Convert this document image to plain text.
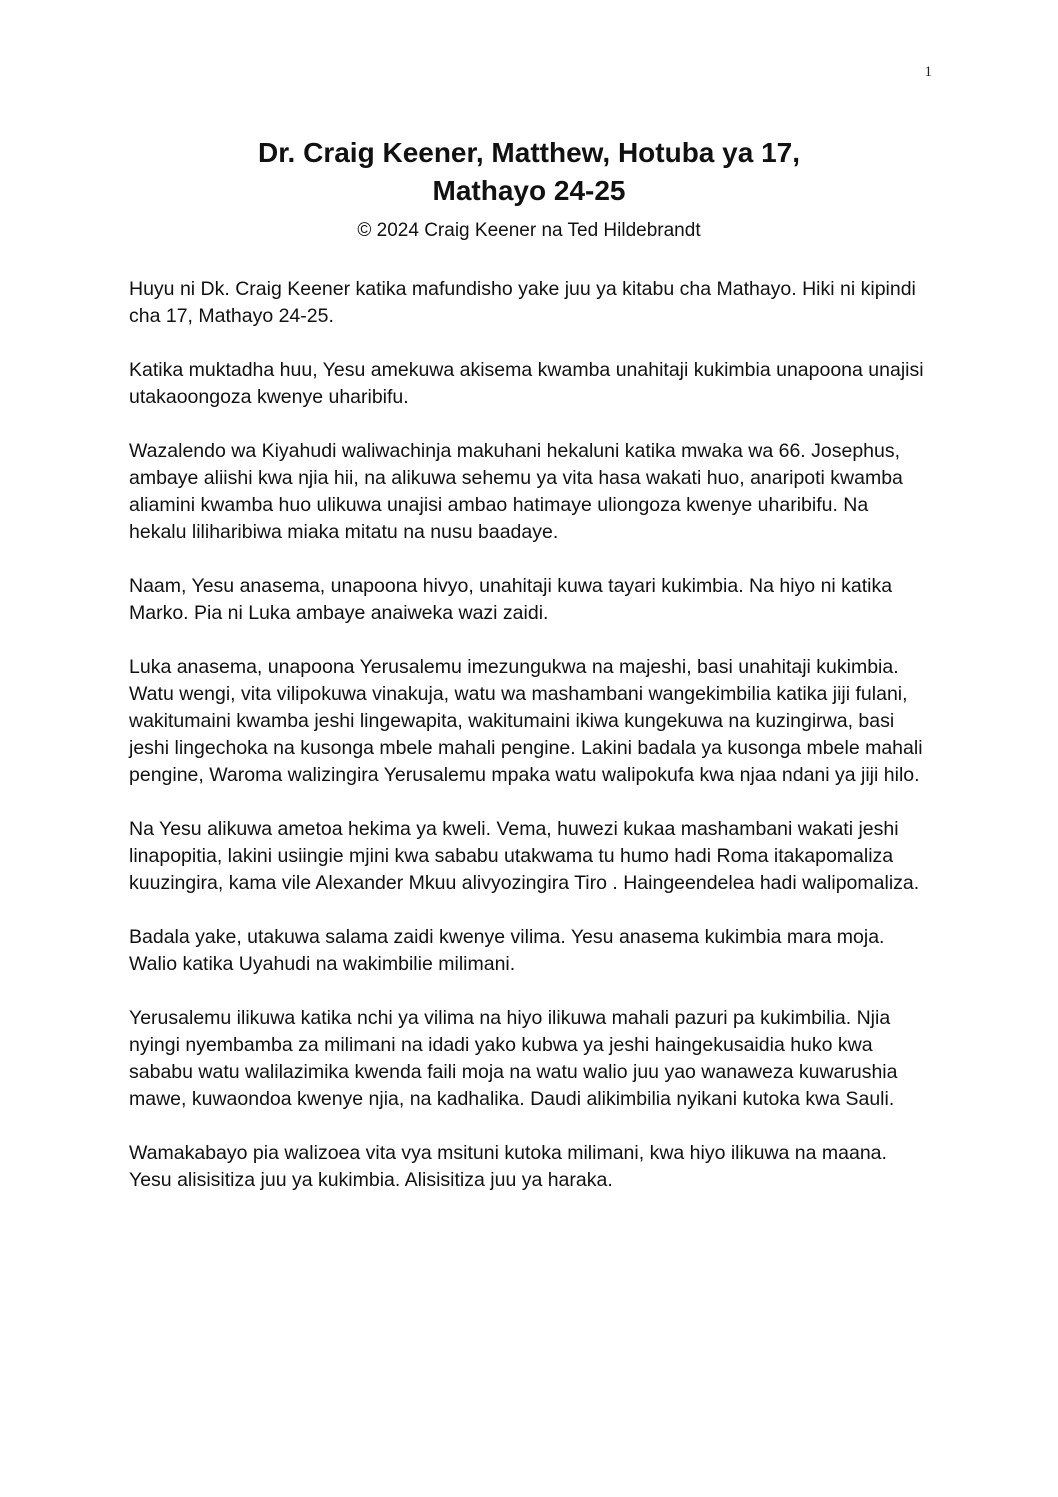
1
Dr. Craig Keener, Matthew, Hotuba ya 17,
Mathayo 24-25
© 2024 Craig Keener na Ted Hildebrandt

Huyu ni Dk. Craig Keener katika mafundisho yake juu ya kitabu cha Mathayo. Hiki ni kipindi cha 17, Mathayo 24-25.

Katika muktadha huu, Yesu amekuwa akisema kwamba unahitaji kukimbia unapoona unajisi utakaoongoza kwenye uharibifu.

Wazalendo wa Kiyahudi waliwachinja makuhani hekaluni katika mwaka wa 66. Josephus, ambaye aliishi kwa njia hii, na alikuwa sehemu ya vita hasa wakati huo, anaripoti kwamba aliamini kwamba huo ulikuwa unajisi ambao hatimaye uliongoza kwenye uharibifu. Na hekalu liliharibiwa miaka mitatu na nusu baadaye.

Naam, Yesu anasema, unapoona hivyo, unahitaji kuwa tayari kukimbia. Na hiyo ni katika Marko. Pia ni Luka ambaye anaiweka wazi zaidi.

Luka anasema, unapoona Yerusalemu imezungukwa na majeshi, basi unahitaji kukimbia. Watu wengi, vita vilipokuwa vinakuja, watu wa mashambani wangekimbilia katika jiji fulani, wakitumaini kwamba jeshi lingewapita, wakitumaini ikiwa kungekuwa na kuzingirwa, basi jeshi lingechoka na kusonga mbele mahali pengine. Lakini badala ya kusonga mbele mahali pengine, Waroma walizingira Yerusalemu mpaka watu walipokufa kwa njaa ndani ya jiji hilo.

Na Yesu alikuwa ametoa hekima ya kweli. Vema, huwezi kukaa mashambani wakati jeshi linapopitia, lakini usiingie mjini kwa sababu utakwama tu humo hadi Roma itakapomaliza kuuzingira, kama vile Alexander Mkuu alivyozingira Tiro . Haingeendelea hadi walipomaliza.

Badala yake, utakuwa salama zaidi kwenye vilima. Yesu anasema kukimbia mara moja. Walio katika Uyahudi na wakimbilie milimani.

Yerusalemu ilikuwa katika nchi ya vilima na hiyo ilikuwa mahali pazuri pa kukimbilia. Njia nyingi nyembamba za milimani na idadi yako kubwa ya jeshi haingekusaidia huko kwa sababu watu walilazimika kwenda faili moja na watu walio juu yao wanaweza kuwarushia mawe, kuwaondoa kwenye njia, na kadhalika. Daudi alikimbilia nyikani kutoka kwa Sauli.

Wamakabayo pia walizoea vita vya msituni kutoka milimani, kwa hiyo ilikuwa na maana. Yesu alisisitiza juu ya kukimbia. Alisisitiza juu ya haraka.
